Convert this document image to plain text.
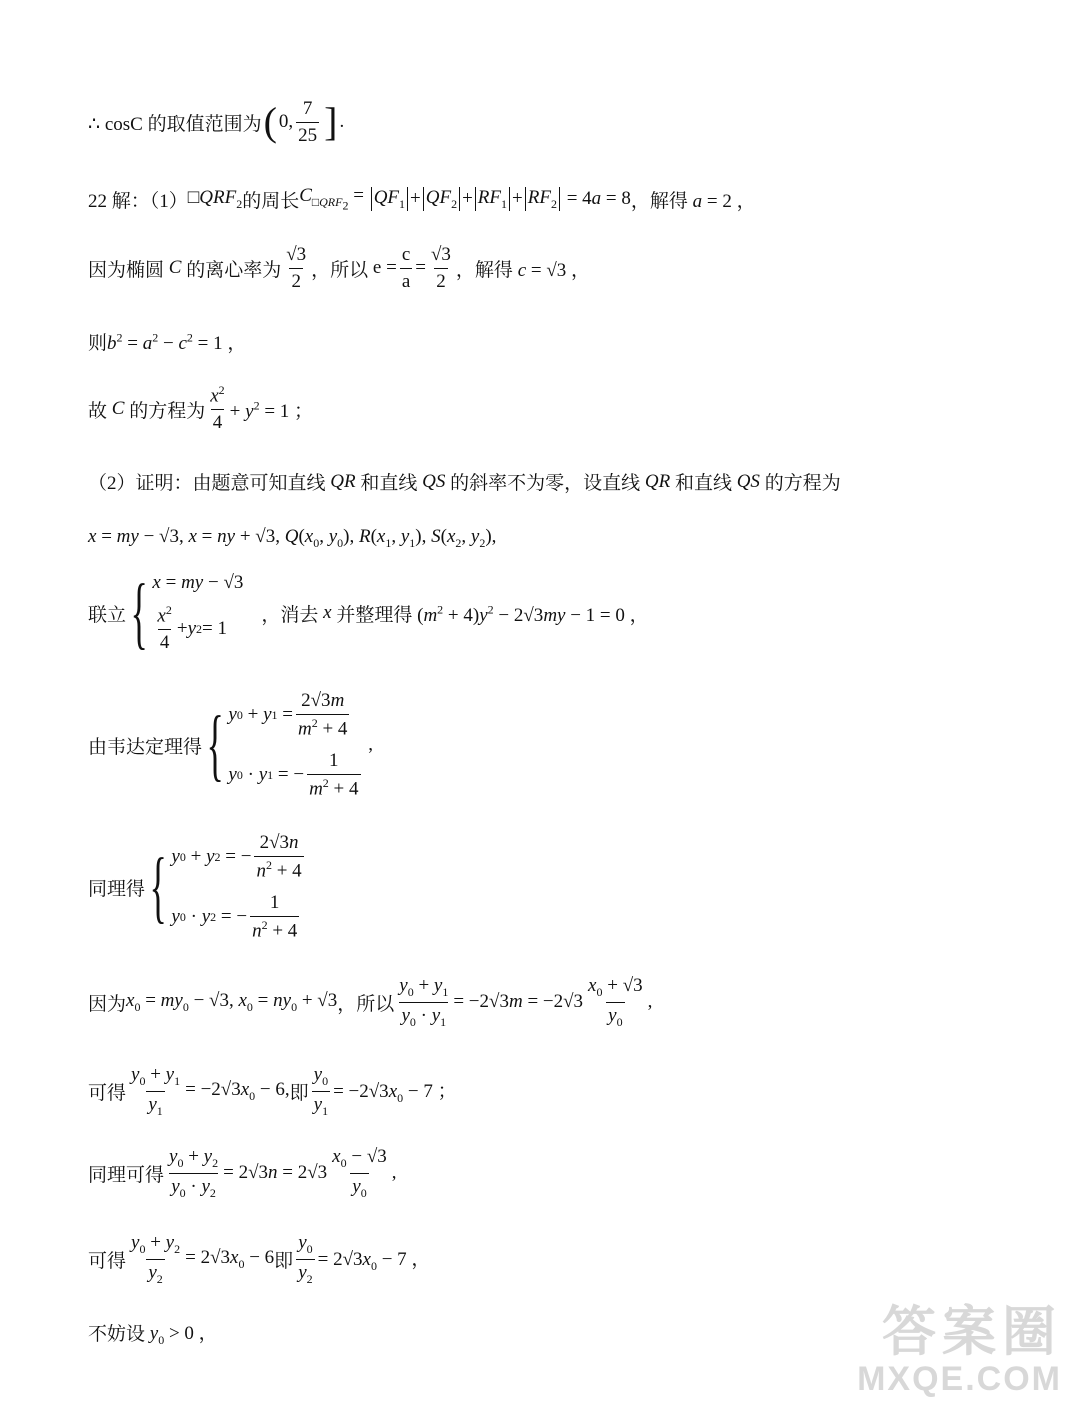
∴ cosC 的取值范围为 ( 0, $\frac{7}{25}$ ] .
22 解：（1） $□QRF_2$ 的周长 $C_{□QRF_2} = QF_1 + QF_2 + RF_1 + RF_2 = 4a = 8$ ，解得 a = 2 ，
因为椭圆 C 的离心率为 $\frac{√3}{2}$ ，所以 $e = \frac{c}{a} = \frac{√3}{2}$ ，解得 c = √3 ，
则 $b^2 = a^2 - c^2 = 1$ ，
故 C 的方程为 $\frac{x^2}{4} + y^2 = 1$ ；
（2）证明：由题意可知直线 QR 和直线 QS 的斜率不为零，设直线 QR 和直线 QS 的方程为
x = my − √3, x = ny + √3, $Q(x_0$, $y_0$), $R(x_1$, $y_1$), $S(x_2$, $y_2$),
联立 { x = my − √3
$\frac{x^2}{4} + y$ 2 = 1
，消去 x 并整理得 $(m^2 + 4)y^2 - 2√3my - 1 = 0$ ，
由韦达定理得 { y 0 + y $1 = \frac{2√3m}{m^2 + 4}$
y 0 · y 1 = − $\frac{1}{m^2 + 4}$
,
同理得 { y 0 + y 2 = − $\frac{2√3n}{n^2 + 4}$
y 0 · y 2 = − $\frac{1}{n^2 + 4}$
因为 $x_0 = my_0 - √3$, $x_0 = ny_0 + √3$ ，所以 $\frac{y_0 + y_1}{y_0 \cdot y_1} = -2√3m = -2√3 \frac{x_0 + √3}{y_0}$ ,
可得 $\frac{y_0 + y_1}{y_1} = -2√3x_0 - 6$, 即 $\frac{y_0}{y_1} = -2√3x_0 - 7$ ；
同理可得 $\frac{y_0 + y_2}{y_0 \cdot y_2} = 2√3n = 2√3 \frac{x_0 - √3}{y_0}$ ,
可得 $\frac{y_0 + y_2}{y_2} = 2√3x_0 - 6$ 即 $\frac{y_0}{y_2} = 2√3x_0 - 7$ ，
不妨设 $y_0 > 0$ ，	答案圈
MXQE.COM
